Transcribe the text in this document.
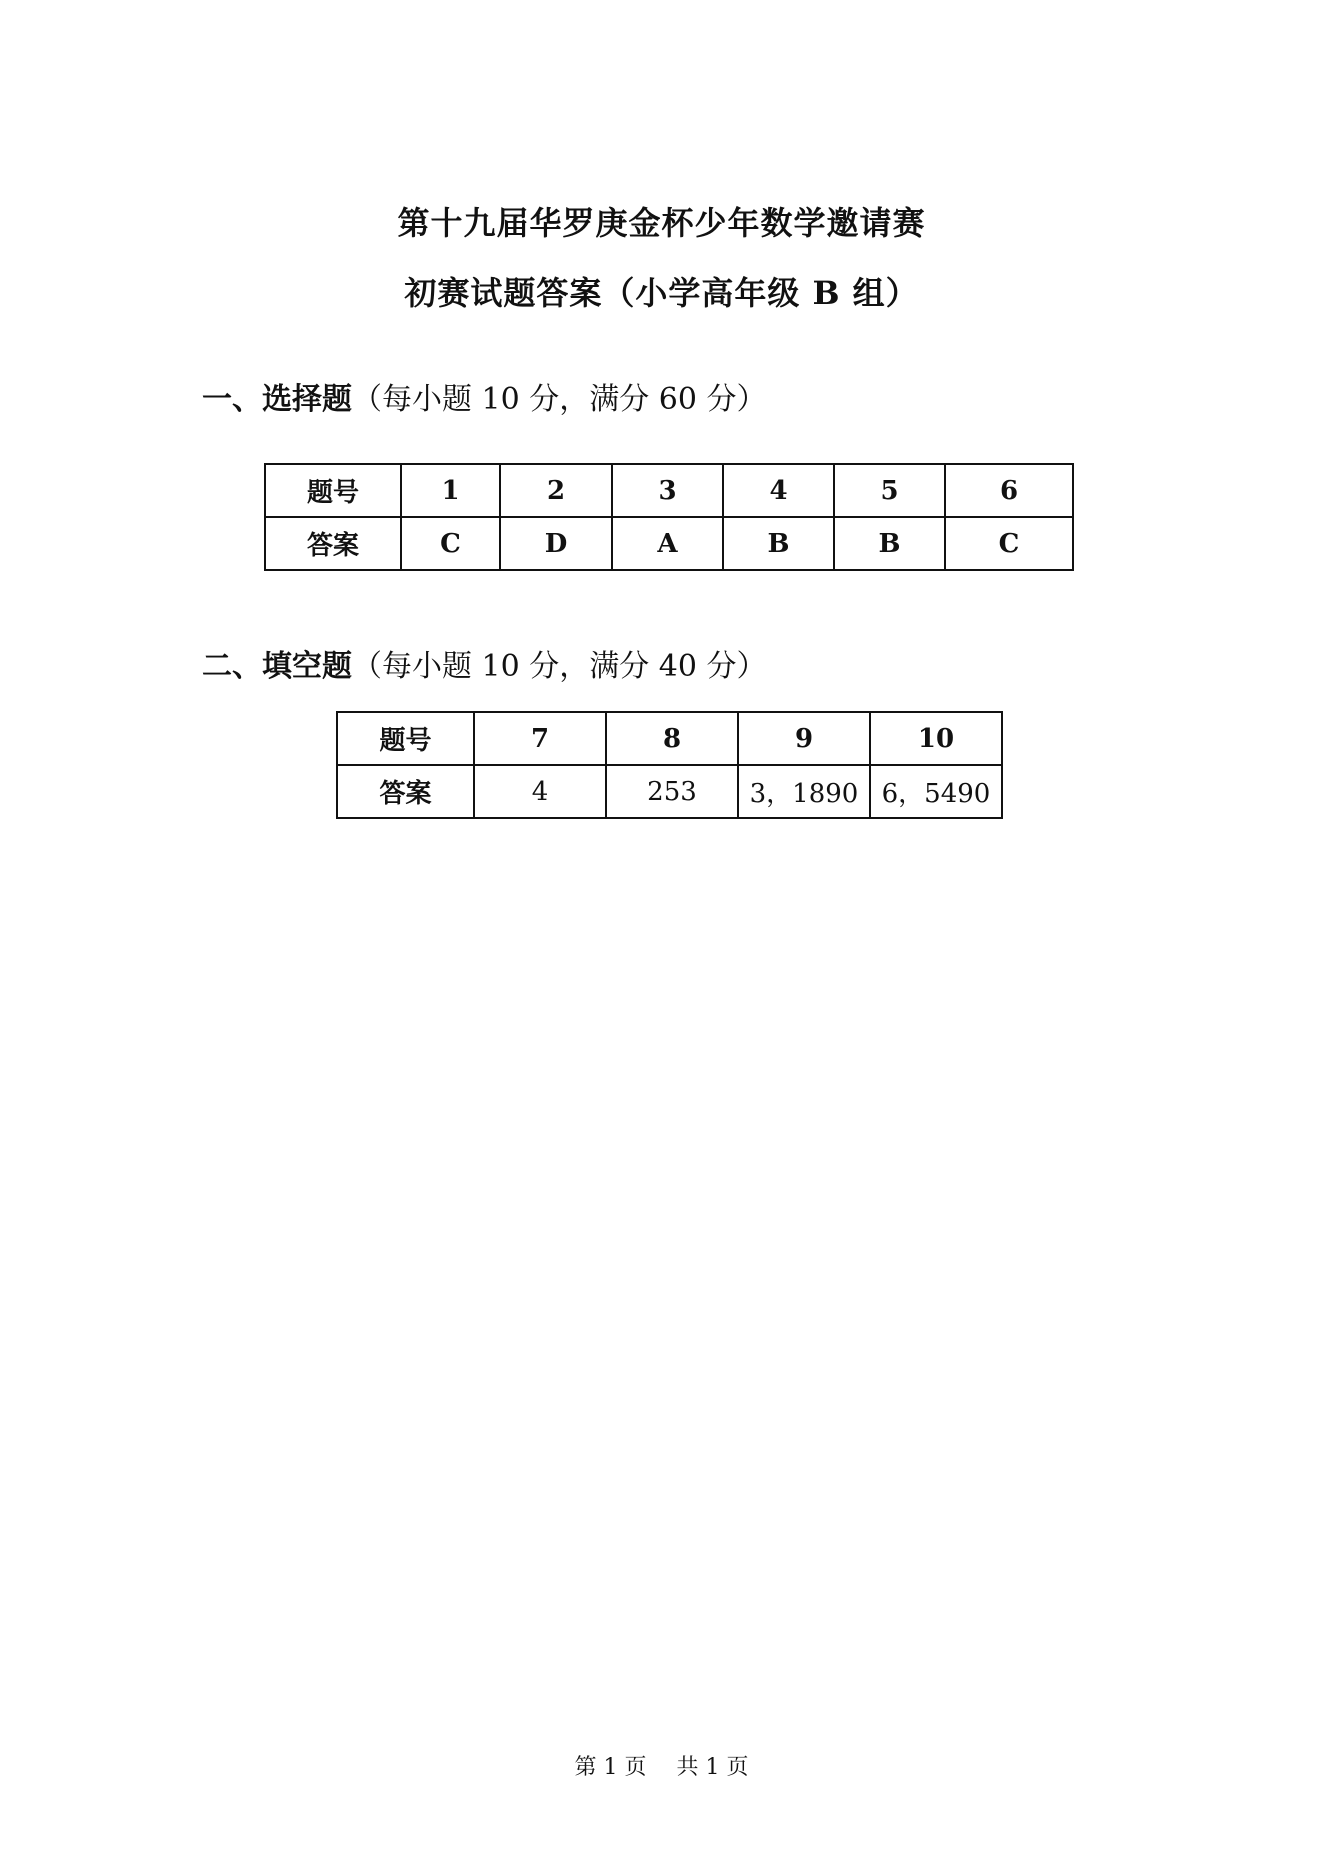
第十九届华罗庚金杯少年数学邀请赛
初赛试题答案（小学高年级 B 组）
一、选择题（每小题 10 分，满分 60 分）
题号	1	2	3	4	5	6
答案	C	D	A	B	B	C
二、填空题（每小题 10 分，满分 40 分）
题号	7	8	9	10
答案	4	253	3，1890	6，5490
第 1 页 共 1 页
